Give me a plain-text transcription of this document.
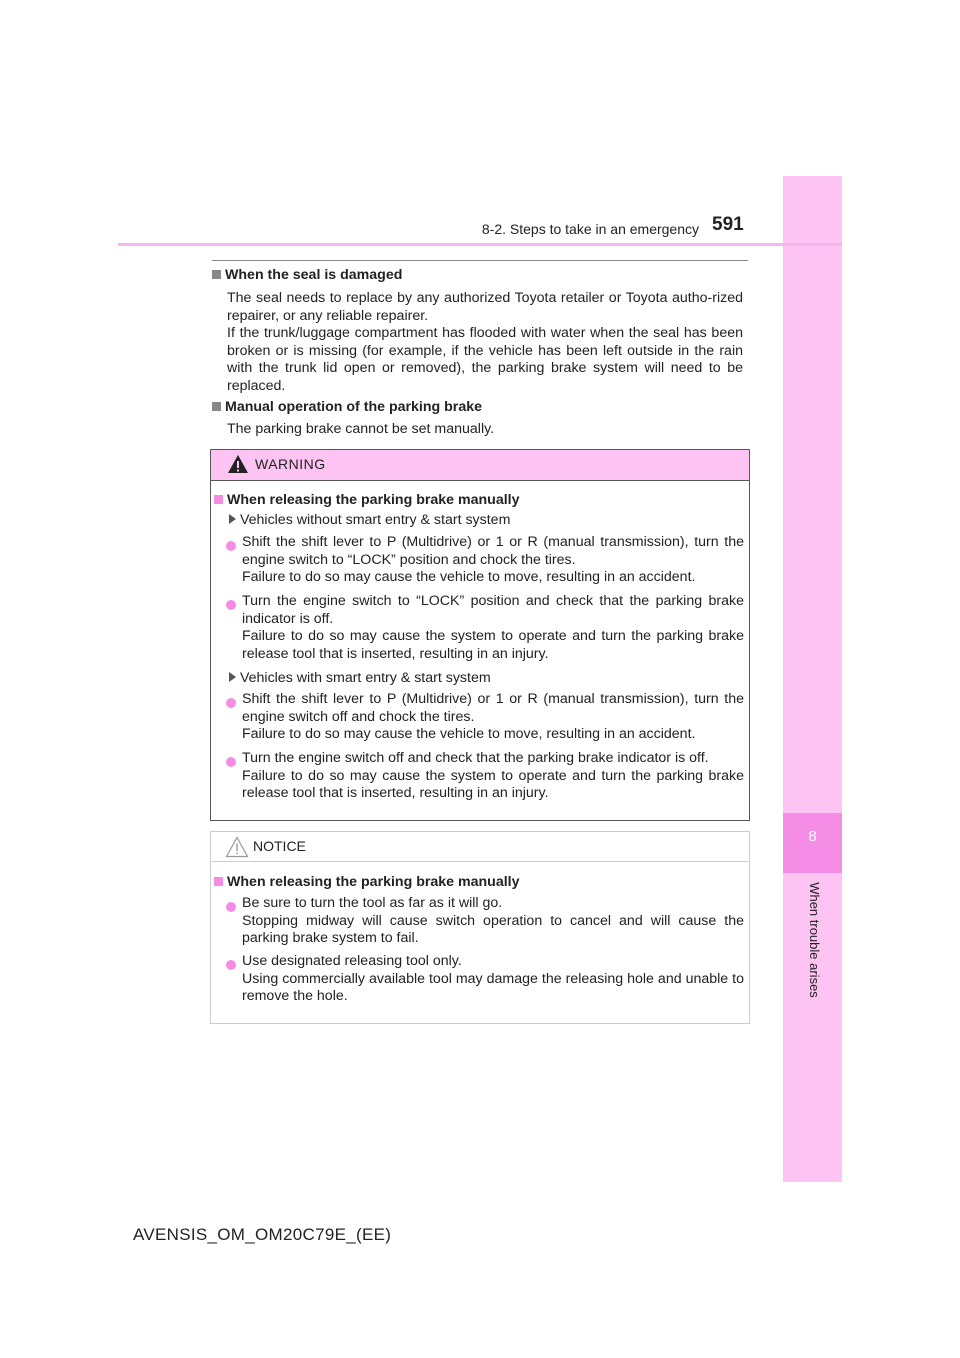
8
When trouble arises
8-2. Steps to take in an emergency 591
When the seal is damaged
The seal needs to replace by any authorized Toyota retailer or Toyota autho-rized repairer, or any reliable repairer.
If the trunk/luggage compartment has flooded with water when the seal has been broken or is missing (for example, if the vehicle has been left outside in the rain with the trunk lid open or removed), the parking brake system will need to be replaced.
Manual operation of the parking brake
The parking brake cannot be set manually.
WARNING
When releasing the parking brake manually
Vehicles without smart entry & start system
Shift the shift lever to P (Multidrive) or 1 or R (manual transmission), turn the engine switch to “LOCK” position and chock the tires.
Failure to do so may cause the vehicle to move, resulting in an accident.
Turn the engine switch to “LOCK” position and check that the parking brake indicator is off.
Failure to do so may cause the system to operate and turn the parking brake release tool that is inserted, resulting in an injury.
Vehicles with smart entry & start system
Shift the shift lever to P (Multidrive) or 1 or R (manual transmission), turn the engine switch off and chock the tires.
Failure to do so may cause the vehicle to move, resulting in an accident.
Turn the engine switch off and check that the parking brake indicator is off.
Failure to do so may cause the system to operate and turn the parking brake release tool that is inserted, resulting in an injury.
NOTICE
When releasing the parking brake manually
Be sure to turn the tool as far as it will go.
Stopping midway will cause switch operation to cancel and will cause the parking brake system to fail.
Use designated releasing tool only.
Using commercially available tool may damage the releasing hole and unable to remove the hole.
AVENSIS_OM_OM20C79E_(EE)
